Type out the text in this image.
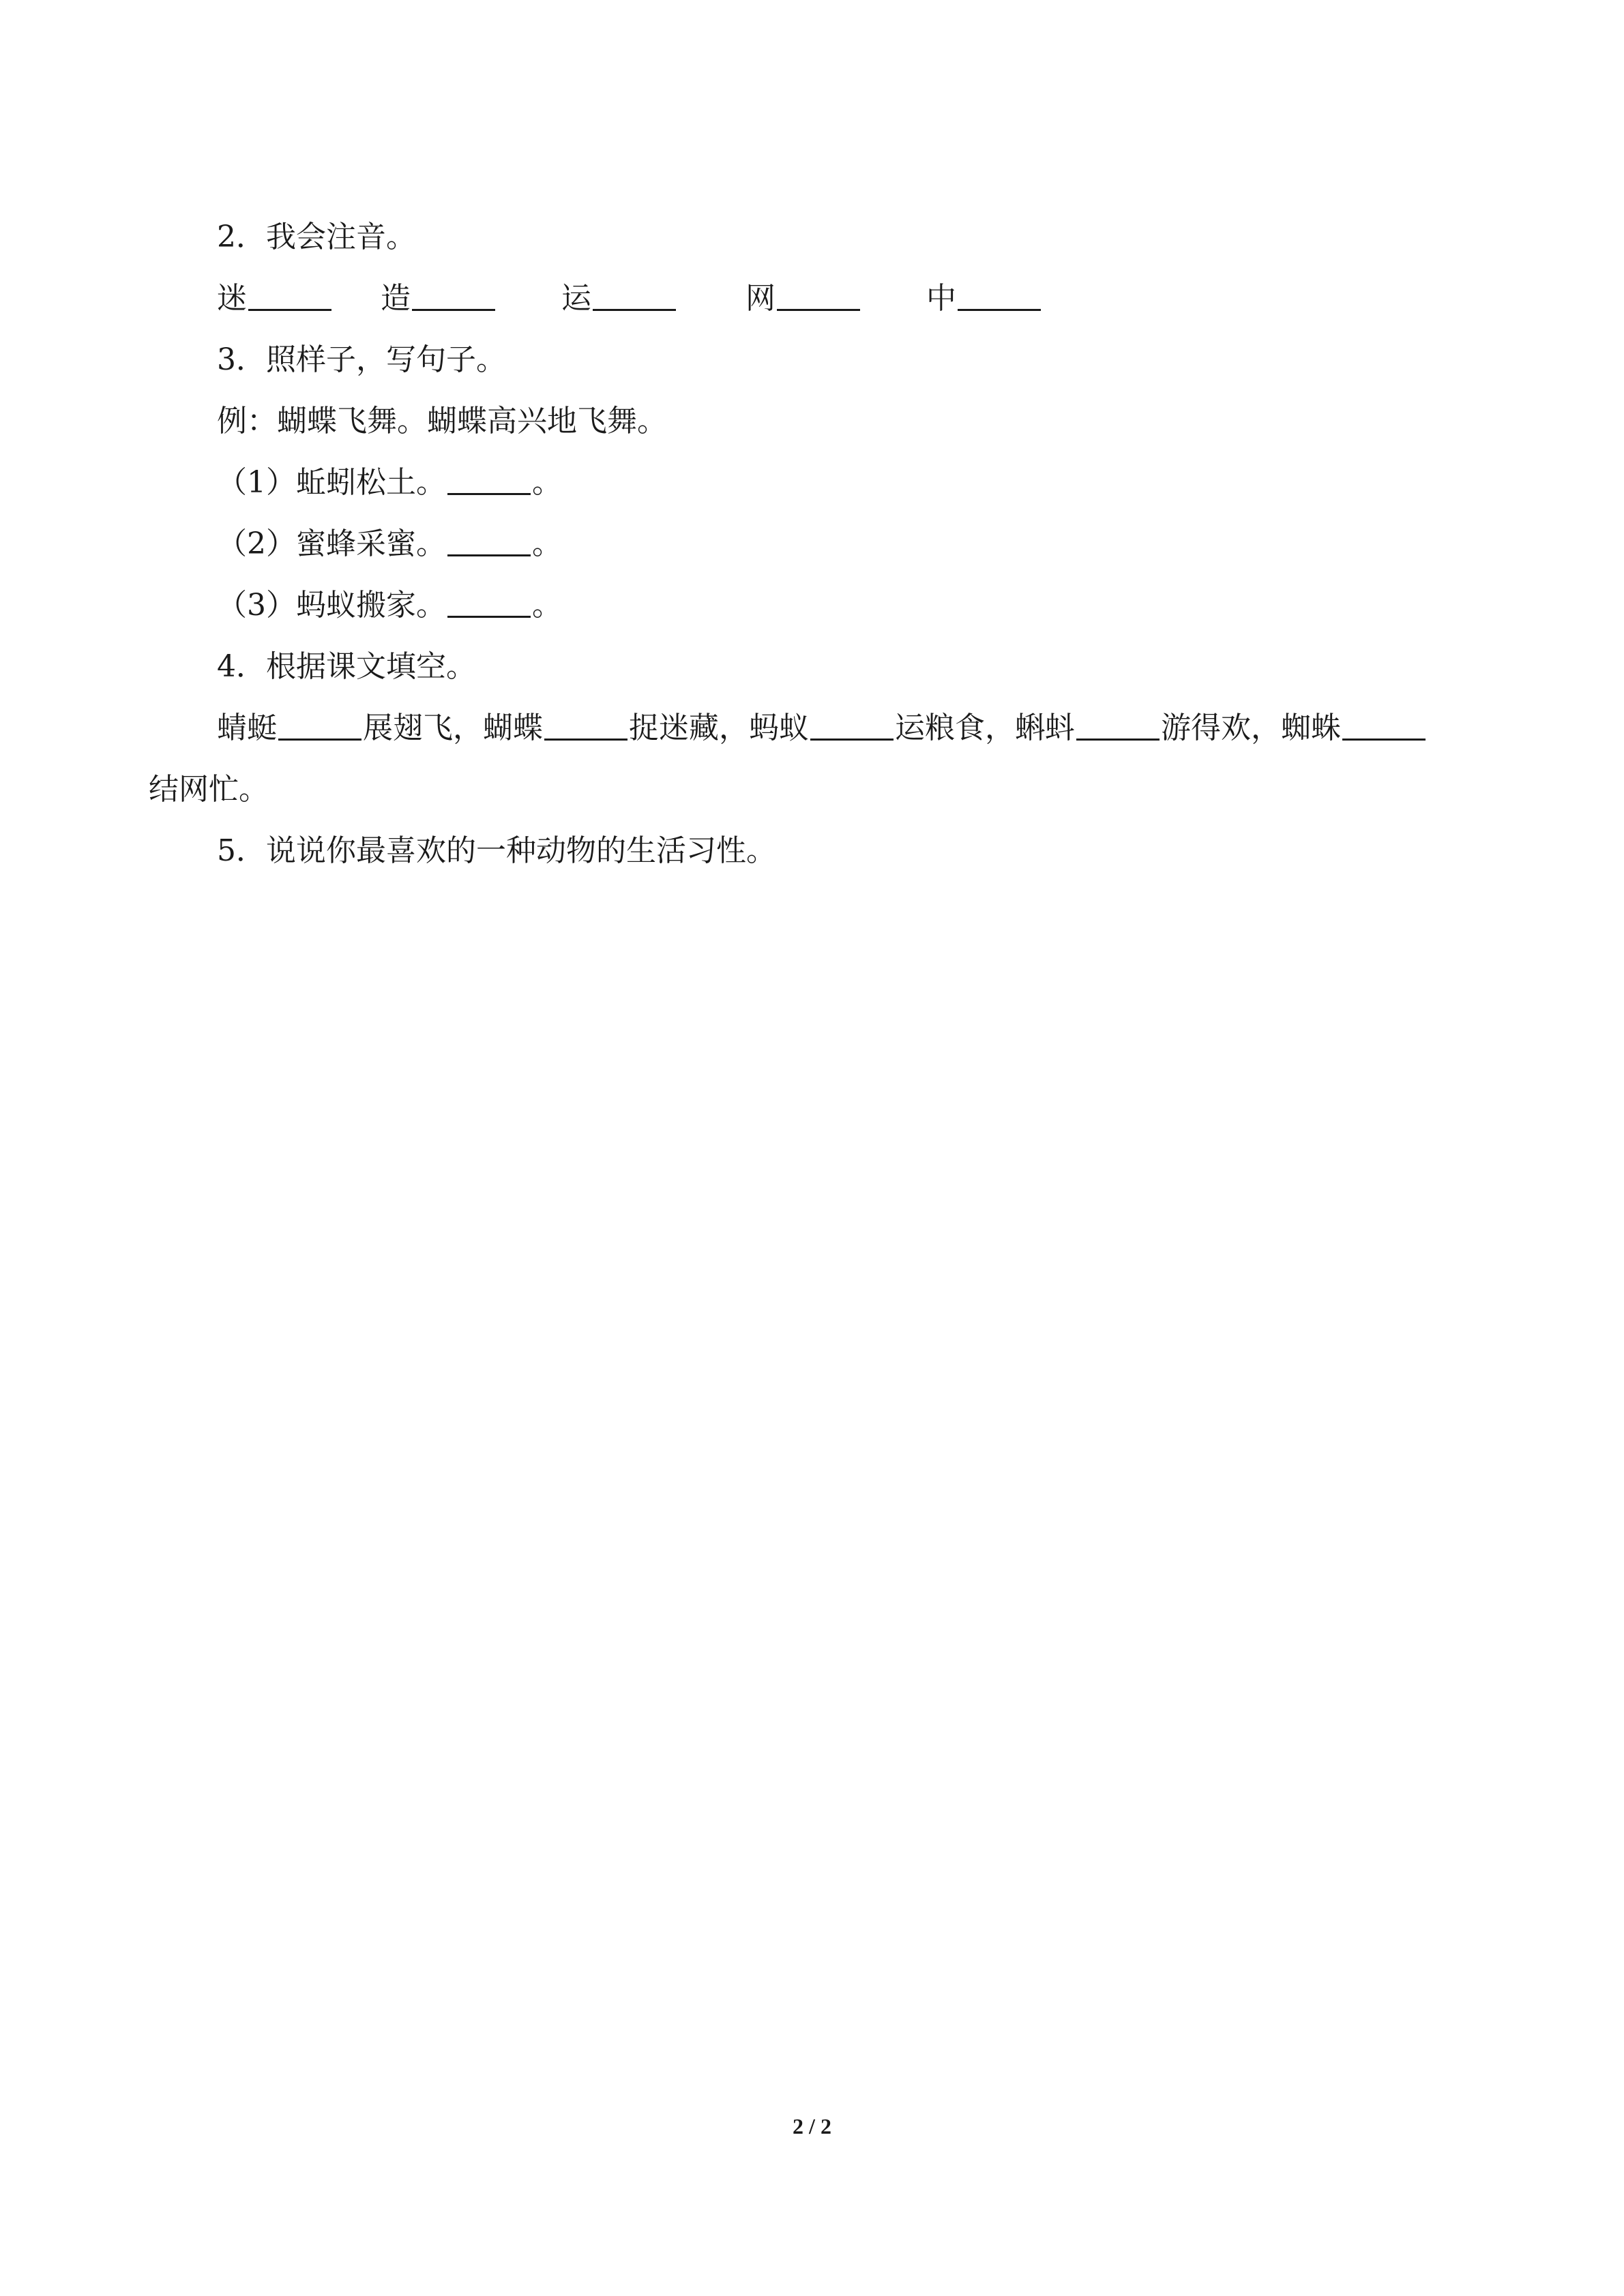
2．我会注音。
迷	造	运	网	中
3．照样子，写句子。
例：蝴蝶飞舞。蝴蝶高兴地飞舞。
（1）蚯蚓松土。	。
（2）蜜蜂采蜜。	。
（3）蚂蚁搬家。	。
4．根据课文填空。
蜻蜓	展翅飞，蝴蝶	捉迷藏，蚂蚁	运粮食，蝌蚪	游得欢，蜘蛛
结网忙。
5．说说你最喜欢的一种动物的生活习性。
2 / 2
